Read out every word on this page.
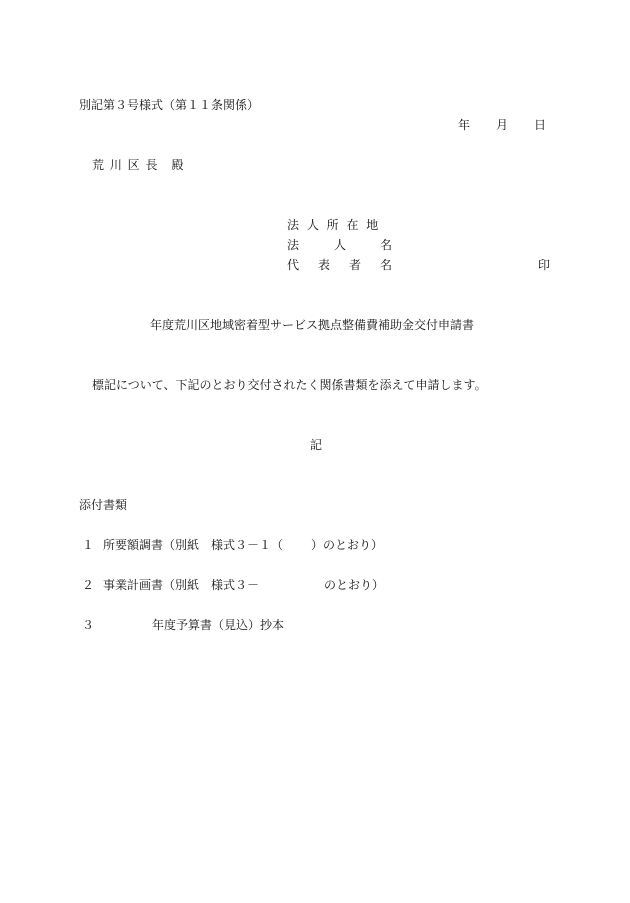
別記第３号様式（第１１条関係）

年 月 日

荒 川 区 長　殿

法 人 所 在 地

法	人	名

代 表 者 名	印

年度荒川区地域密着型サービス拠点整備費補助金交付申請書

標記について、下記のとおり交付されたく関係書類を添えて申請します。

記

添付書類

１ 所要額調書（別紙　様式３－１（ ）のとおり）

２ 事業計画書（別紙　様式３－	のとおり）

３	年度予算書（見込）抄本
